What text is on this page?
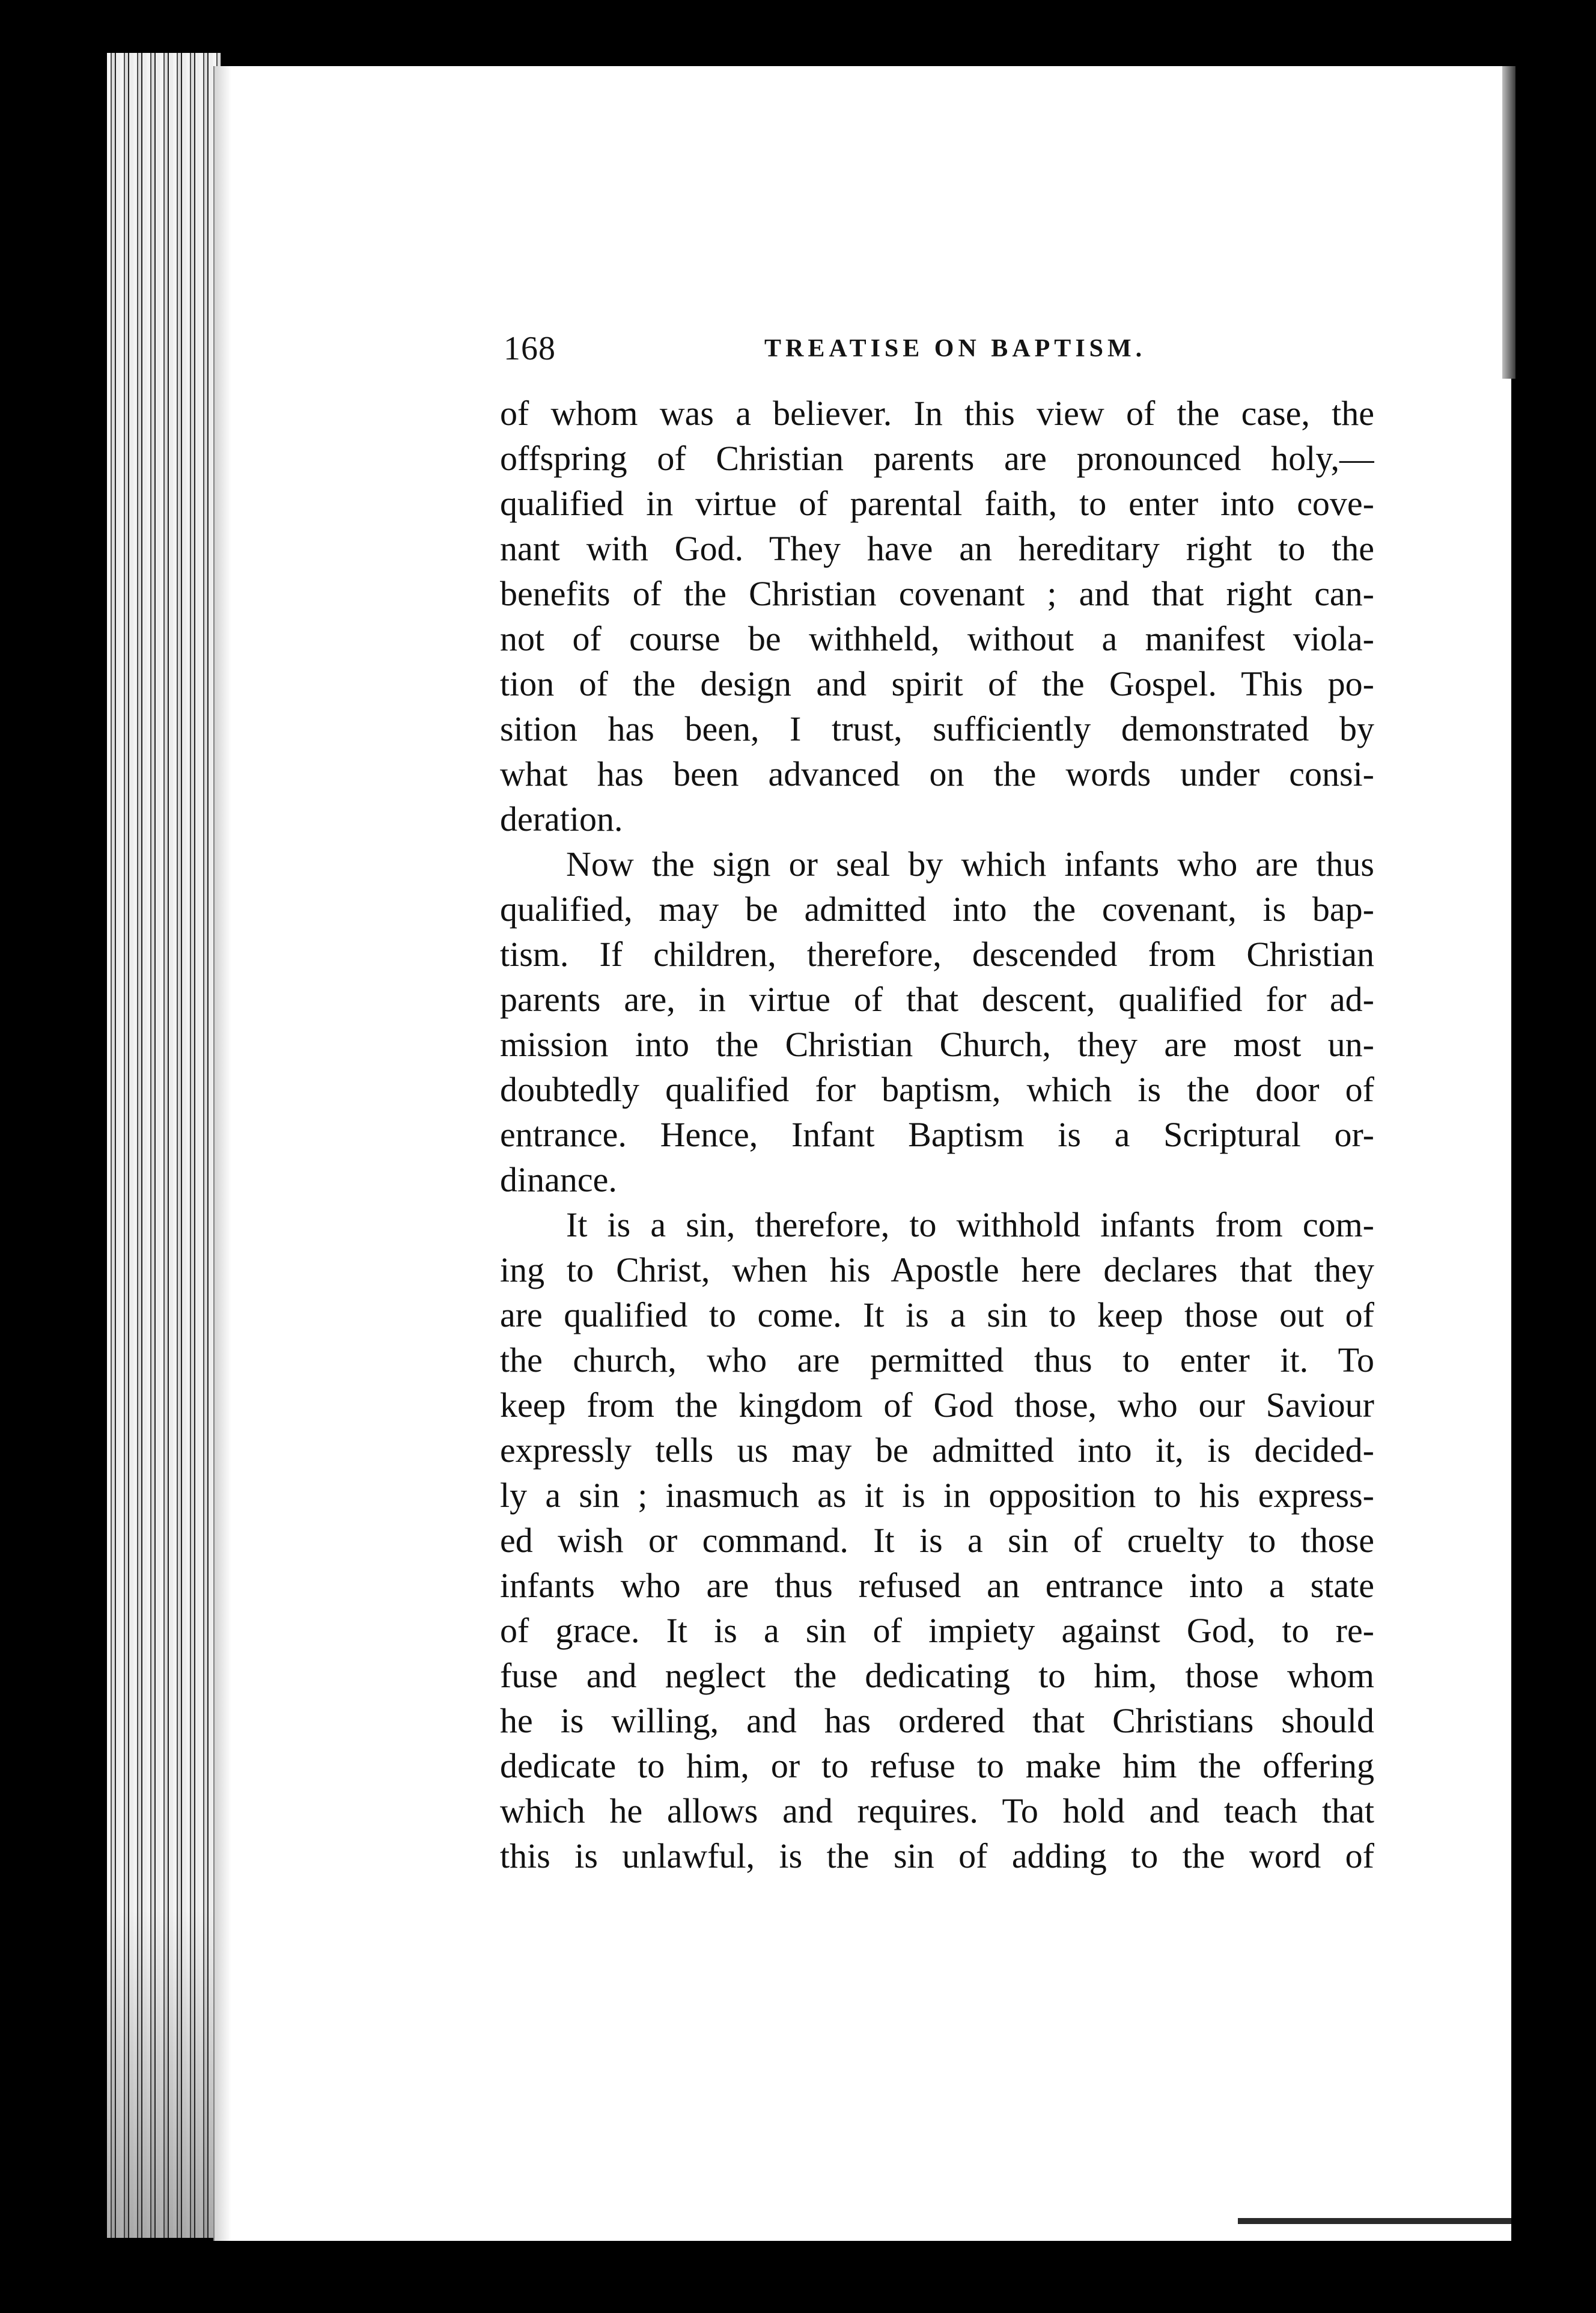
168	TREATISE ON BAPTISM.
of whom was a believer. In this view of the case, the
offspring of Christian parents are pronounced holy,—
qualified in virtue of parental faith, to enter into cove-
nant with God. They have an hereditary right to the
benefits of the Christian covenant ; and that right can-
not of course be withheld, without a manifest viola-
tion of the design and spirit of the Gospel. This po-
sition has been, I trust, sufficiently demonstrated by
what has been advanced on the words under consi-
deration.
Now the sign or seal by which infants who are thus
qualified, may be admitted into the covenant, is bap-
tism. If children, therefore, descended from Christian
parents are, in virtue of that descent, qualified for ad-
mission into the Christian Church, they are most un-
doubtedly qualified for baptism, which is the door of
entrance. Hence, Infant Baptism is a Scriptural or-
dinance.
It is a sin, therefore, to withhold infants from com-
ing to Christ, when his Apostle here declares that they
are qualified to come. It is a sin to keep those out of
the church, who are permitted thus to enter it. To
keep from the kingdom of God those, who our Saviour
expressly tells us may be admitted into it, is decided-
ly a sin ; inasmuch as it is in opposition to his express-
ed wish or command. It is a sin of cruelty to those
infants who are thus refused an entrance into a state
of grace. It is a sin of impiety against God, to re-
fuse and neglect the dedicating to him, those whom
he is willing, and has ordered that Christians should
dedicate to him, or to refuse to make him the offering
which he allows and requires. To hold and teach that
this is unlawful, is the sin of adding to the word of
